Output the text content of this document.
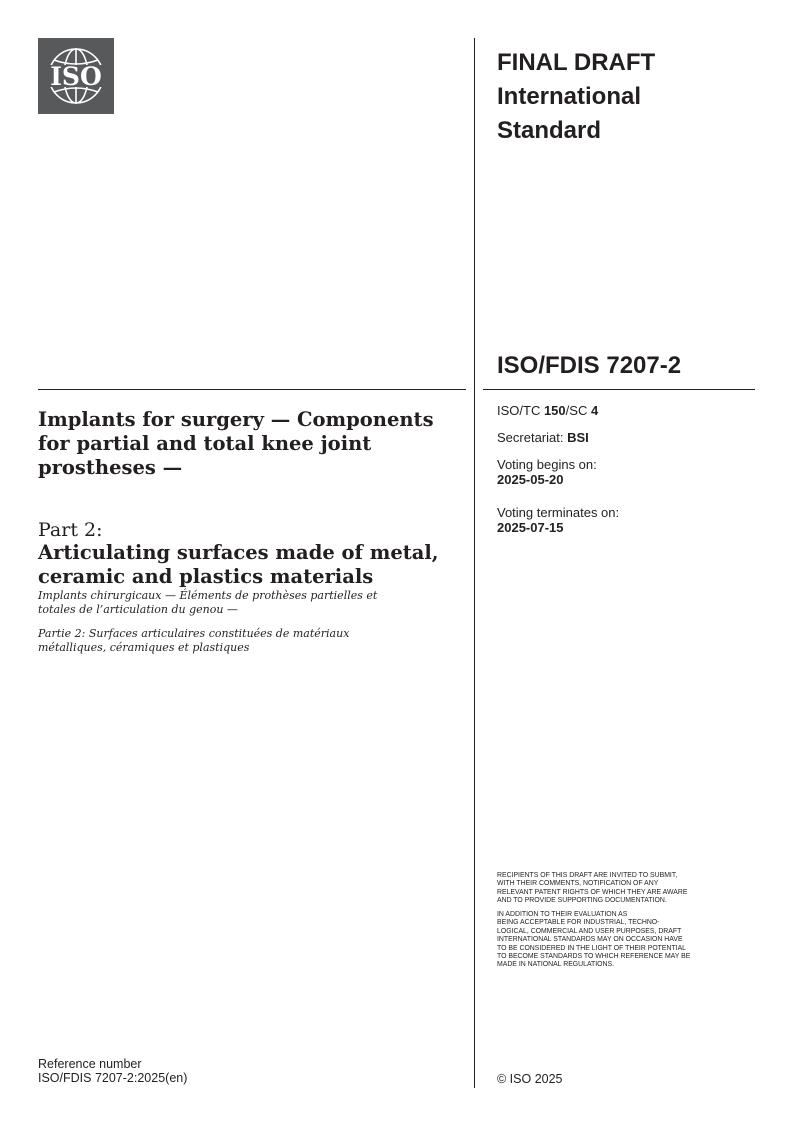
ISO	FINAL DRAFT
International
Standard
ISO/FDIS 7207-2
ISO/TC 150/SC 4
Secretariat: BSI
Voting begins on:
2025-05-20
Voting terminates on:
2025-07-15
Implants for surgery — Components
for partial and total knee joint
prostheses —
Part 2:
Articulating surfaces made of metal,
ceramic and plastics materials
Implants chirurgicaux — Éléments de prothèses partielles et
totales de l’articulation du genou —
Partie 2: Surfaces articulaires constituées de matériaux
métalliques, céramiques et plastiques
RECIPIENTS OF THIS DRAFT ARE INVITED TO SUBMIT,
WITH THEIR COMMENTS, NOTIFICATION OF ANY
RELEVANT PATENT RIGHTS OF WHICH THEY ARE AWARE
AND TO PROVIDE SUPPORTING DOCUMENTATION.
IN ADDITION TO THEIR EVALUATION AS
BEING ACCEPTABLE FOR INDUSTRIAL, TECHNO-
LOGICAL, COMMERCIAL AND USER PURPOSES, DRAFT
INTERNATIONAL STANDARDS MAY ON OCCASION HAVE
TO BE CONSIDERED IN THE LIGHT OF THEIR POTENTIAL
TO BECOME STANDARDS TO WHICH REFERENCE MAY BE
MADE IN NATIONAL REGULATIONS.
Reference number
ISO/FDIS 7207-2:2025(en)	© ISO 2025
